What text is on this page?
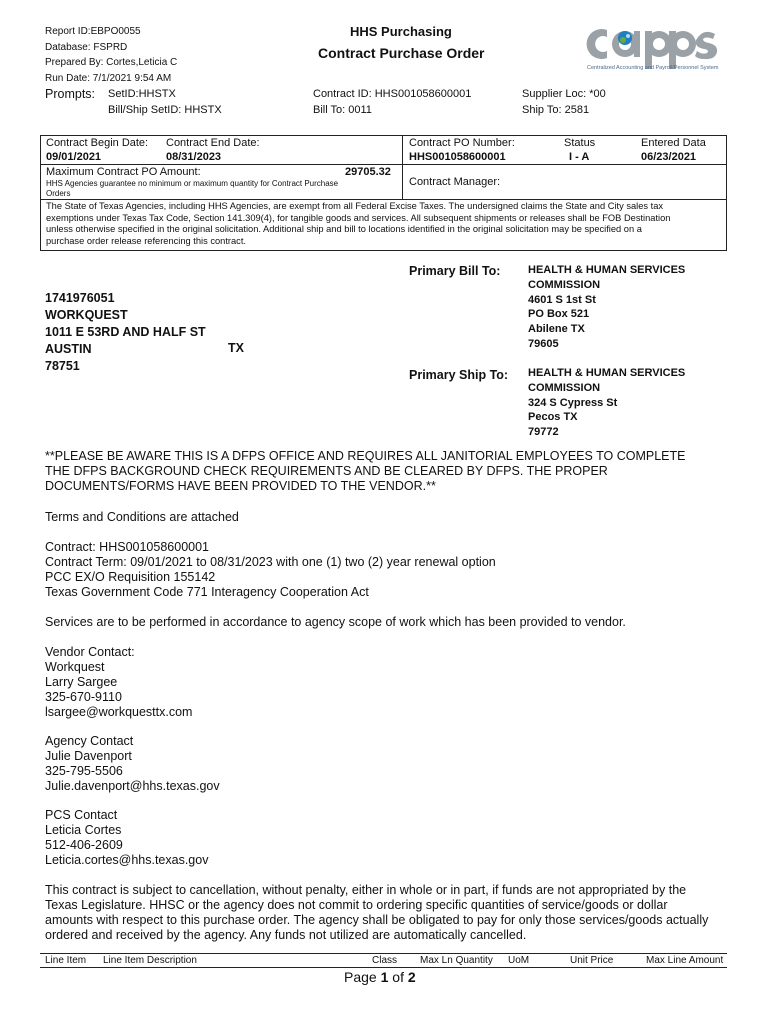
Report ID:EBPO0055
Database: FSPRD
Prepared By: Cortes,Leticia C
Run Date: 7/1/2021 9:54 AM
HHS Purchasing
Contract Purchase Order
Centralized Accounting and Payroll/Personnel System
Prompts: SetID:HHSTX
Bill/Ship SetID: HHSTX
Contract ID: HHS001058600001
Bill To: 0011
Supplier Loc: *00
Ship To: 2581
Contract Begin Date:
09/01/2021
Contract End Date:
08/31/2023
Contract PO Number:
HHS001058600001
Status
I - A
Entered Data
06/23/2021
Maximum Contract PO Amount:	29705.32
HHS Agencies guarantee no minimum or maximum quantity for Contract Purchase
Orders
Contract Manager:
The State of Texas Agencies, including HHS Agencies, are exempt from all Federal Excise Taxes. The undersigned claims the State and City sales tax
exemptions under Texas Tax Code, Section 141.309(4), for tangible goods and services. All subsequent shipments or releases shall be FOB Destination
unless otherwise specified in the original solicitation. Additional ship and bill to locations identified in the original solicitation may be specified on a
purchase order release referencing this contract.
1741976051
WORKQUEST
1011 E 53RD AND HALF ST
AUSTIN
78751
TX
Primary Bill To:	HEALTH & HUMAN SERVICES
COMMISSION
4601 S 1st St
PO Box 521
Abilene TX
79605
Primary Ship To: HEALTH & HUMAN SERVICES
COMMISSION
324 S Cypress St
Pecos TX
79772
**PLEASE BE AWARE THIS IS A DFPS OFFICE AND REQUIRES ALL JANITORIAL EMPLOYEES TO COMPLETE
THE DFPS BACKGROUND CHECK REQUIREMENTS AND BE CLEARED BY DFPS. THE PROPER
DOCUMENTS/FORMS HAVE BEEN PROVIDED TO THE VENDOR.**
Terms and Conditions are attached
Contract: HHS001058600001
Contract Term: 09/01/2021 to 08/31/2023 with one (1) two (2) year renewal option
PCC EX/O Requisition 155142
Texas Government Code 771 Interagency Cooperation Act
Services are to be performed in accordance to agency scope of work which has been provided to vendor.
Vendor Contact:
Workquest
Larry Sargee
325-670-9110
lsargee@workquesttx.com
Agency Contact
Julie Davenport
325-795-5506
Julie.davenport@hhs.texas.gov
PCS Contact
Leticia Cortes
512-406-2609
Leticia.cortes@hhs.texas.gov
This contract is subject to cancellation, without penalty, either in whole or in part, if funds are not appropriated by the
Texas Legislature. HHSC or the agency does not commit to ordering specific quantities of service/goods or dollar
amounts with respect to this purchase order. The agency shall be obligated to pay for only those services/goods actually
ordered and received by the agency. Any funds not utilized are automatically cancelled.
Line Item Line Item Description	Class Max Ln Quantity UoM	Unit Price	Max Line Amount
Page 1 of 2
